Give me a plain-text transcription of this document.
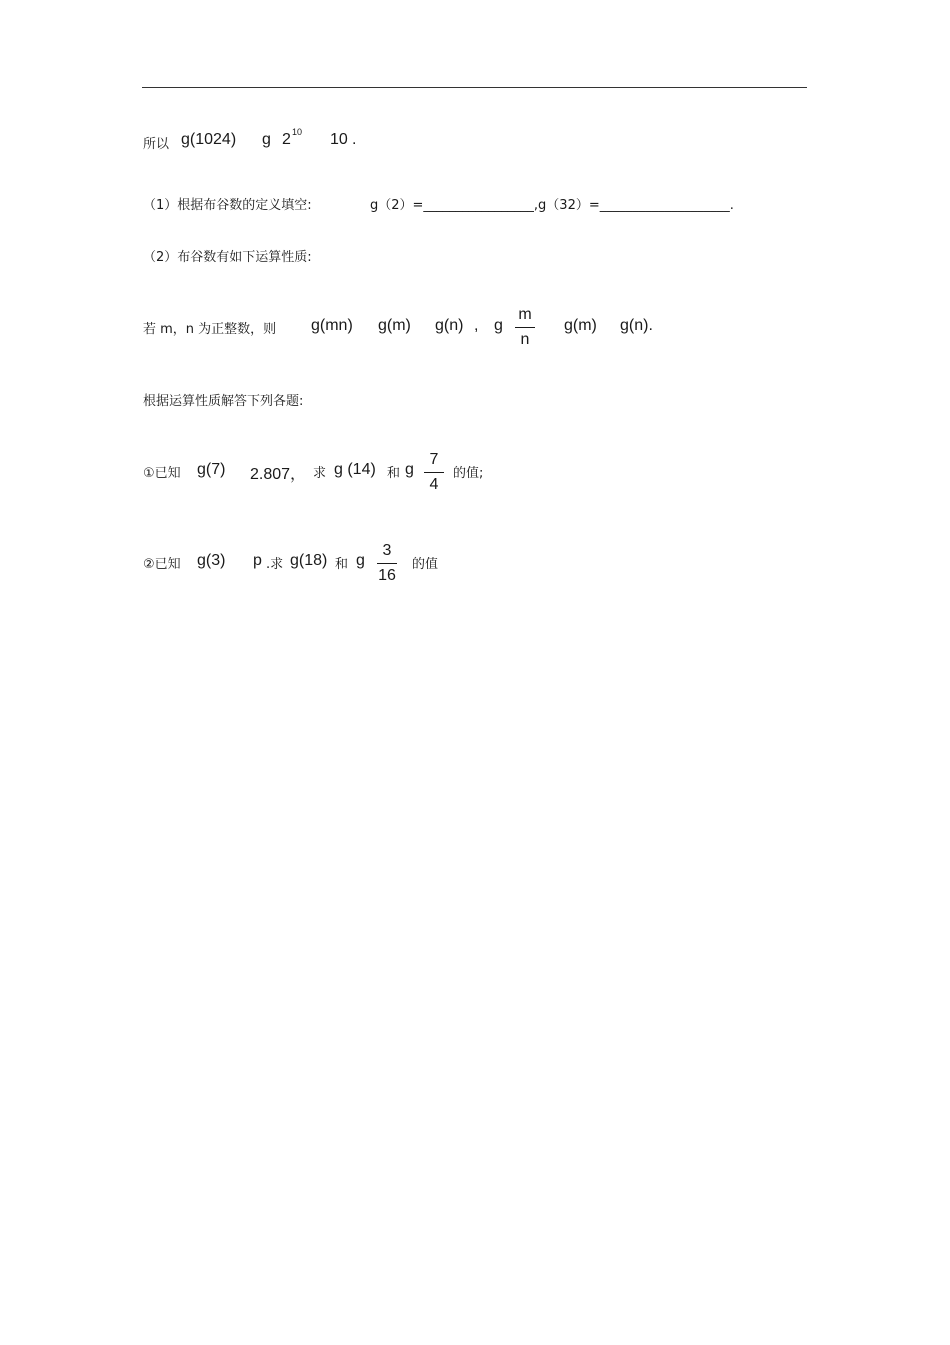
所以 g(1024) g 2 10 10 .
（1）根据布谷数的定义填空:	g（2）=_________________,g（32）=____________________.
（2）布谷数有如下运算性质:
若 m，n 为正整数，则 g(mn) g(m) g(n) , g
m
n
g(m) g(n).
根据运算性质解答下列各题:
①已知 g(7) 2.807， 求 g (14) 和 g
7
4
的值;
②已知 g(3) p .求 g(18) 和 g
3
16
的值
